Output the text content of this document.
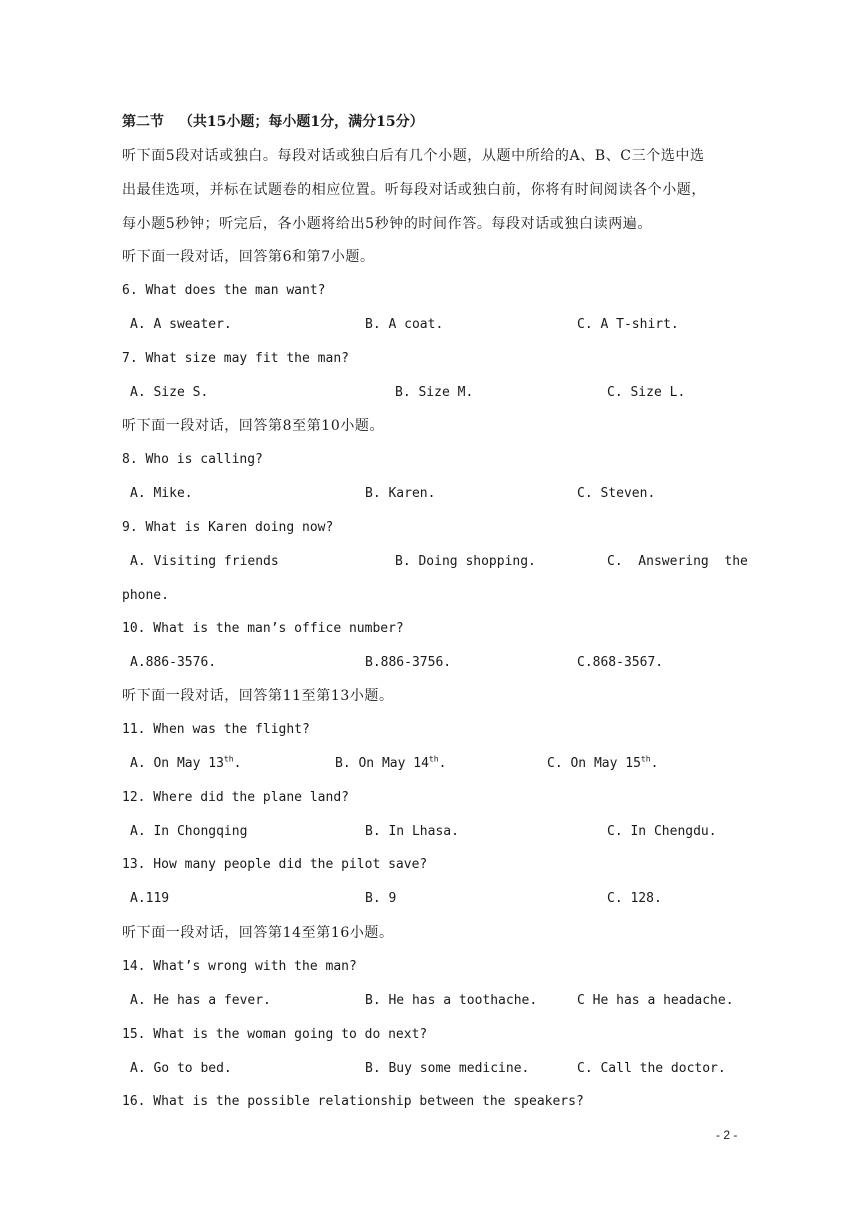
第二节 （共15小题；每小题1分，满分15分）
听下面5段对话或独白。每段对话或独白后有几个小题，从题中所给的A、B、C三个选中选
出最佳选项，并标在试题卷的相应位置。听每段对话或独白前，你将有时间阅读各个小题，
每小题5秒钟；听完后，各小题将给出5秒钟的时间作答。每段对话或独白读两遍。
听下面一段对话，回答第6和第7小题。
6. What does the man want?
A. A sweater.	B. A coat.	C. A T-shirt.
7. What size may fit the man?
A. Size S.	B. Size M.	C. Size L.
听下面一段对话，回答第8至第10小题。
8. Who is calling?
A. Mike.	B. Karen.	C. Steven.
9. What is Karen doing now?
A. Visiting friends	B. Doing shopping.	C.  Answering  the
phone.
10. What is the man’s office number?
A.886-3576.	B.886-3756.	C.868-3567.
听下面一段对话，回答第11至第13小题。
11. When was the flight?
A. On May 13th.	B. On May 14th.	C. On May 15th.
12. Where did the plane land?
A. In Chongqing	B. In Lhasa.	C. In Chengdu.
13. How many people did the pilot save?
A.119	B. 9	C. 128.
听下面一段对话，回答第14至第16小题。
14. What’s wrong with the man?
A. He has a fever.	B. He has a toothache.	C He has a headache.
15. What is the woman going to do next?
A. Go to bed.	B. Buy some medicine.	C. Call the doctor.
16. What is the possible relationship between the speakers?
- 2 -
